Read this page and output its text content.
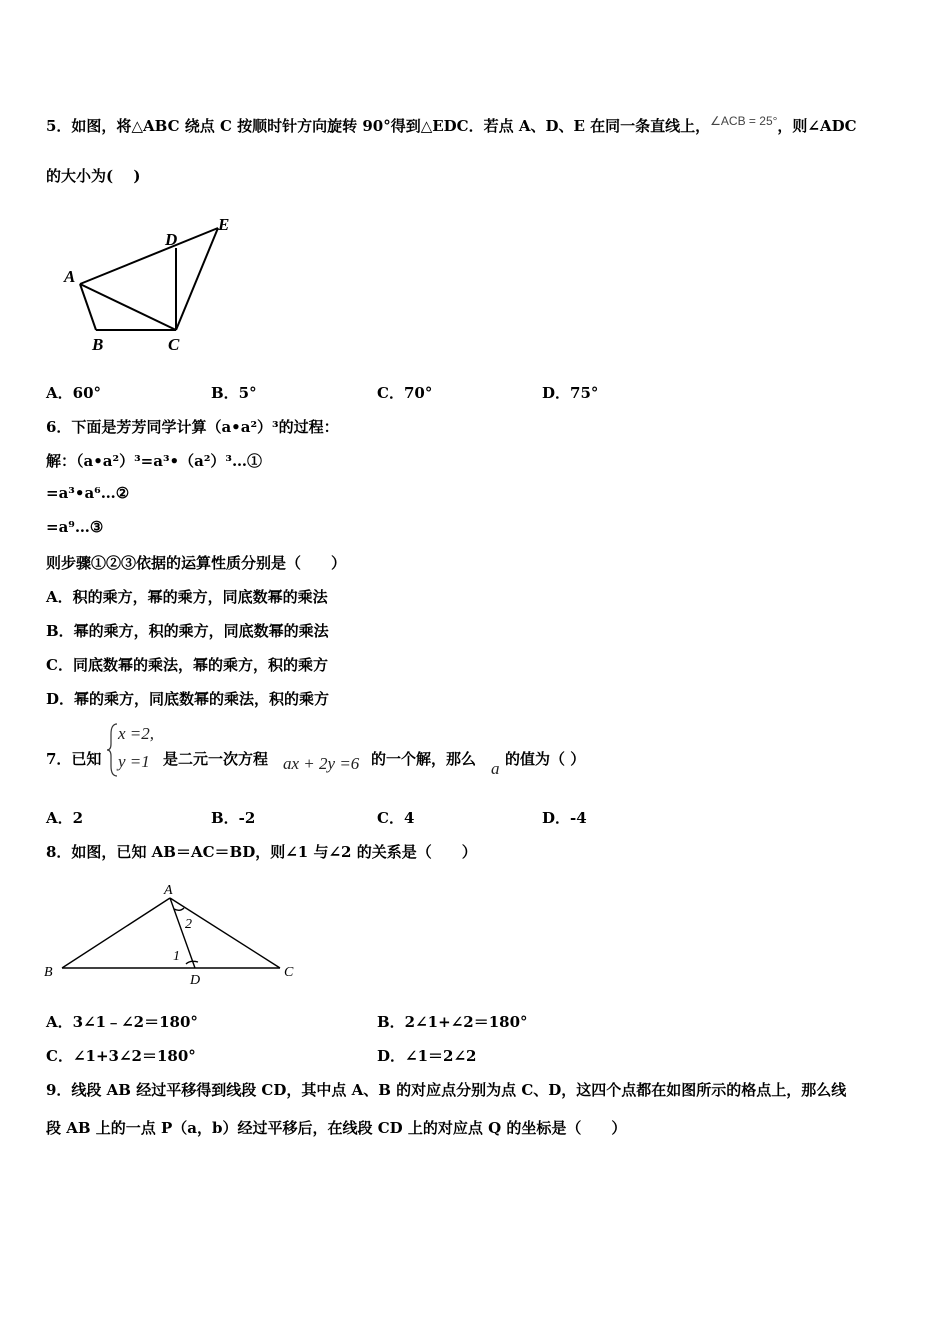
5．如图，将△ABC 绕点 C 按顺时针方向旋转 90°得到△EDC．若点 A、D、E 在同一条直线上，$^{\angle ACB = 25^\circ}$，则∠ADC
的大小为(　 )
A
B	C
D
E
A．60°	B．5°	C．70°	D．75°
6．下面是芳芳同学计算（a•a²）³的过程：
解：（a•a²）³=a³•（a²）³…①
=a³•a⁶…②
=a⁹…③
则步骤①②③依据的运算性质分别是（　　）
A．积的乘方，幂的乘方，同底数幂的乘法
B．幂的乘方，积的乘方，同底数幂的乘法
C．同底数幂的乘法，幂的乘方，积的乘方
D．幂的乘方，同底数幂的乘法，积的乘方
7．已知
x =2,
y =1 是二元一次方程 ax + 2y =6 的一个解，那么 a 的值为（ ）
A．2	B．-2	C．4	D．-4
8．如图，已知 AB＝AC＝BD，则∠1 与∠2 的关系是（　　）
A
B	C
D
1
2
A．3∠1﹣∠2＝180°	B．2∠1+∠2＝180°
C．∠1+3∠2＝180°	D．∠1＝2∠2
9．线段 AB 经过平移得到线段 CD，其中点 A、B 的对应点分别为点 C、D，这四个点都在如图所示的格点上，那么线
段 AB 上的一点 P（a，b）经过平移后，在线段 CD 上的对应点 Q 的坐标是（　　）
